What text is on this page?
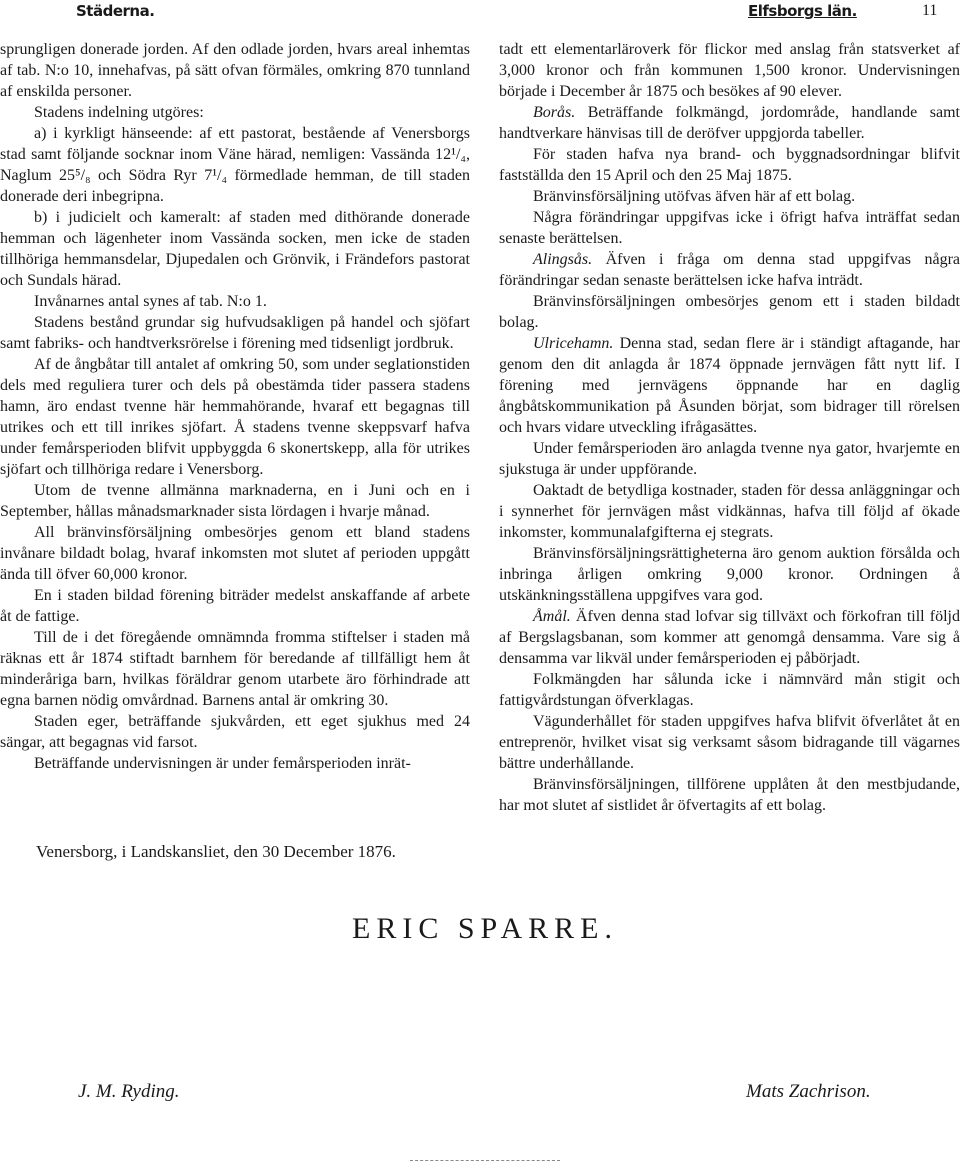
Städerna.	Elfsborgs län.	11

sprungligen donerade jorden. Af den odlade jorden, hvars areal inhemtas af tab. N:o 10, innehafvas, på sätt ofvan förmäles, omkring 870 tunnland af enskilda personer.

Stadens indelning utgöres:

a) i kyrkligt hänseende: af ett pastorat, bestående af Venersborgs stad samt följande socknar inom Väne härad, nemligen: Vassända 12¹/₄, Naglum 25⁵/₈ och Södra Ryr 7¹/₄ förmedlade hemman, de till staden donerade deri inbegripna.

b) i judicielt och kameralt: af staden med dithörande donerade hemman och lägenheter inom Vassända socken, men icke de staden tillhöriga hemmansdelar, Djupedalen och Grönvik, i Frändefors pastorat och Sundals härad.

Invånarnes antal synes af tab. N:o 1.

Stadens bestånd grundar sig hufvudsakligen på handel och sjöfart samt fabriks- och handtverksrörelse i förening med tidsenligt jordbruk.

Af de ångbåtar till antalet af omkring 50, som under seglationstiden dels med reguliera turer och dels på obestämda tider passera stadens hamn, äro endast tvenne här hemmahörande, hvaraf ett begagnas till utrikes och ett till inrikes sjöfart. Å stadens tvenne skeppsvarf hafva under femårsperioden blifvit uppbyggda 6 skonertskepp, alla för utrikes sjöfart och tillhöriga redare i Venersborg.

Utom de tvenne allmänna marknaderna, en i Juni och en i September, hållas månadsmarknader sista lördagen i hvarje månad.

All bränvinsförsäljning ombesörjes genom ett bland stadens invånare bildadt bolag, hvaraf inkomsten mot slutet af perioden uppgått ända till öfver 60,000 kronor.

En i staden bildad förening biträder medelst anskaffande af arbete åt de fattige.

Till de i det föregående omnämnda fromma stiftelser i staden må räknas ett år 1874 stiftadt barnhem för beredande af tillfälligt hem åt minderåriga barn, hvilkas föräldrar genom utarbete äro förhindrade att egna barnen nödig omvårdnad. Barnens antal är omkring 30.

Staden eger, beträffande sjukvården, ett eget sjukhus med 24 sängar, att begagnas vid farsot.

Beträffande undervisningen är under femårsperioden inrät-

tadt ett elementarläroverk för flickor med anslag från statsverket af 3,000 kronor och från kommunen 1,500 kronor. Undervisningen började i December år 1875 och besökes af 90 elever.

Borås. Beträffande folkmängd, jordområde, handlande samt handtverkare hänvisas till de deröfver uppgjorda tabeller.

För staden hafva nya brand- och byggnadsordningar blifvit fastställda den 15 April och den 25 Maj 1875.

Bränvinsförsäljning utöfvas äfven här af ett bolag.

Några förändringar uppgifvas icke i öfrigt hafva inträffat sedan senaste berättelsen.

Alingsås. Äfven i fråga om denna stad uppgifvas några förändringar sedan senaste berättelsen icke hafva inträdt.

Bränvinsförsäljningen ombesörjes genom ett i staden bildadt bolag.

Ulricehamn. Denna stad, sedan flere är i ständigt aftagande, har genom den dit anlagda år 1874 öppnade jernvägen fått nytt lif. I förening med jernvägens öppnande har en daglig ångbåtskommunikation på Åsunden börjat, som bidrager till rörelsen och hvars vidare utveckling ifrågasättes.

Under femårsperioden äro anlagda tvenne nya gator, hvarjemte en sjukstuga är under uppförande.

Oaktadt de betydliga kostnader, staden för dessa anläggningar och i synnerhet för jernvägen måst vidkännas, hafva till följd af ökade inkomster, kommunalafgifterna ej stegrats.

Bränvinsförsäljningsrättigheterna äro genom auktion försålda och inbringa årligen omkring 9,000 kronor. Ordningen å utskänkningsställena uppgifves vara god.

Åmål. Äfven denna stad lofvar sig tillväxt och förkofran till följd af Bergslagsbanan, som kommer att genomgå densamma. Vare sig å densamma var likväl under femårsperioden ej påbörjadt.

Folkmängden har sålunda icke i nämnvärd mån stigit och fattigvårdstungan öfverklagas.

Vägunderhållet för staden uppgifves hafva blifvit öfverlåtet åt en entreprenör, hvilket visat sig verksamt såsom bidragande till vägarnes bättre underhållande.

Bränvinsförsäljningen, tillförene upplåten åt den mestbjudande, har mot slutet af sistlidet år öfvertagits af ett bolag.

Venersborg, i Landskansliet, den 30 December 1876.
ERIC SPARRE.
J. M. Ryding.	Mats Zachrison.
